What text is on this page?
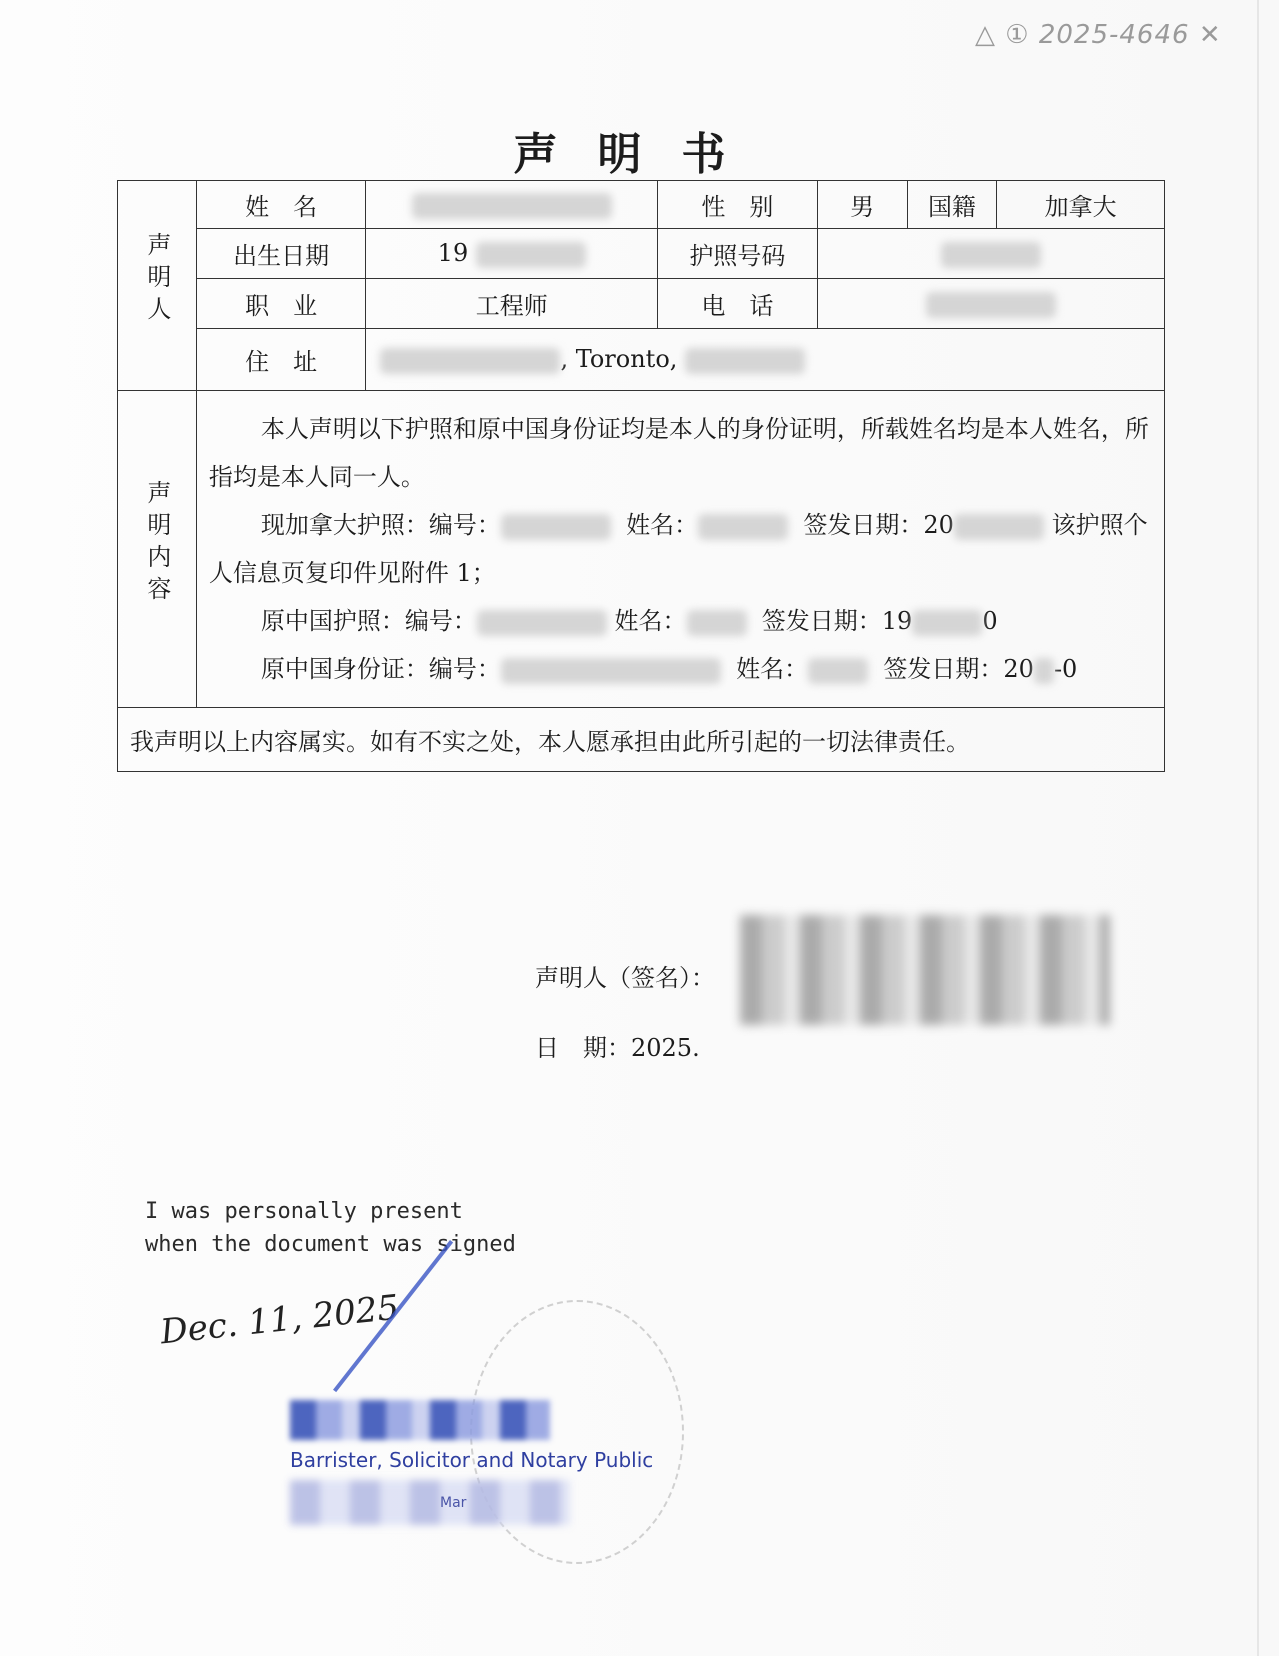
△ ① 2025-4646 ✕
声明书
声明人	姓　名		性　别	男	国籍	加拿大
	出生日期	19	护照号码			
	职　业	工程师	电　话			
	住　址	, Toronto,				
声明内容	本人声明以下护照和原中国身份证均是本人的身份证明，所载姓名均是本人姓名，所指均是本人同一人。

现加拿大护照：编号： 姓名： 签发日期：20 该护照个人信息页复印件见附件 1；

原中国护照：编号： 姓名： 签发日期：19 0

原中国身份证：编号： 姓名： 签发日期：20 -0					

我声明以上内容属实。如有不实之处，本人愿承担由此所引起的一切法律责任。						
声明人（签名）：
日　期：2025.
I was personally present
when the document was signed
Dec. 11, 2025
Barrister, Solicitor and Notary Public
Mar
